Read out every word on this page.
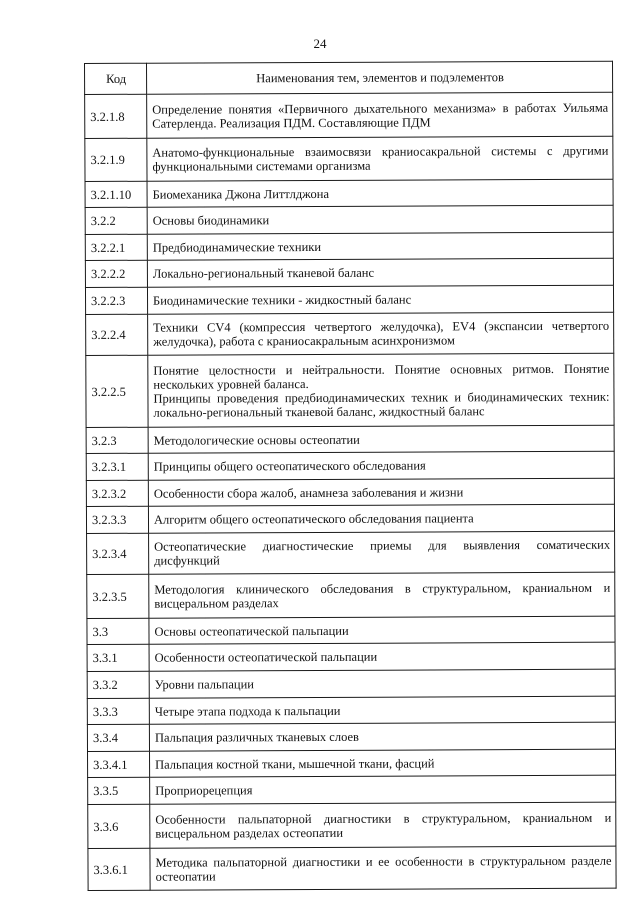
24
Код	Наименования тем, элементов и подэлементов
3.2.1.8	Определение понятия «Первичного дыхательного механизма» в работах Уильяма Сатерленда. Реализация ПДМ. Составляющие ПДМ
3.2.1.9	Анатомо-функциональные взаимосвязи краниосакральной системы с другими функциональными системами организма
3.2.1.10	Биомеханика Джона Литтлджона
3.2.2	Основы биодинамики
3.2.2.1	Предбиодинамические техники
3.2.2.2	Локально-региональный тканевой баланс
3.2.2.3	Биодинамические техники - жидкостный баланс
3.2.2.4	Техники CV4 (компрессия четвертого желудочка), EV4 (экспансии четвертого желудочка), работа с краниосакральным асинхронизмом
3.2.2.5	Понятие целостности и нейтральности. Понятие основных ритмов. Понятие нескольких уровней баланса.
Принципы проведения предбиодинамических техник и биодинамических техник: локально-региональный тканевой баланс, жидкостный баланс
3.2.3	Методологические основы остеопатии
3.2.3.1	Принципы общего остеопатического обследования
3.2.3.2	Особенности сбора жалоб, анамнеза заболевания и жизни
3.2.3.3	Алгоритм общего остеопатического обследования пациента
3.2.3.4	Остеопатические диагностические приемы для выявления соматических дисфункций
3.2.3.5	Методология клинического обследования в структуральном, краниальном и висцеральном разделах
3.3	Основы остеопатической пальпации
3.3.1	Особенности остеопатической пальпации
3.3.2	Уровни пальпации
3.3.3	Четыре этапа подхода к пальпации
3.3.4	Пальпация различных тканевых слоев
3.3.4.1	Пальпация костной ткани, мышечной ткани, фасций
3.3.5	Проприорецепция
3.3.6	Особенности пальпаторной диагностики в структуральном, краниальном и висцеральном разделах остеопатии
3.3.6.1	Методика пальпаторной диагностики и ее особенности в структуральном разделе остеопатии
